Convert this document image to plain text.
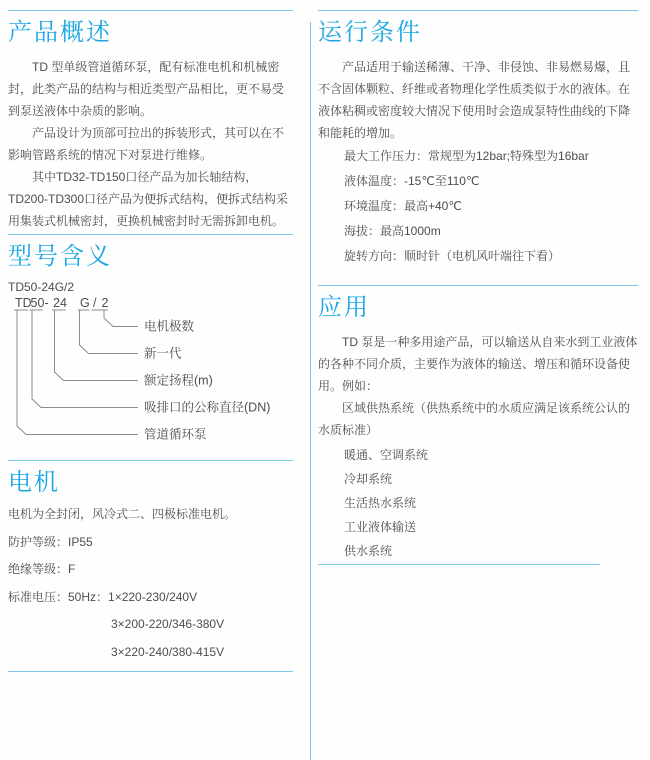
产品概述

TD 型单级管道循环泵，配有标准电机和机械密封，此类产品的结构与相近类型产品相比，更不易受到泵送液体中杂质的影响。

产品设计为顶部可拉出的拆装形式，其可以在不影响管路系统的情况下对泵进行维修。

其中TD32-TD150口径产品为加长轴结构，TD200-TD300口径产品为便拆式结构，便拆式结构采用集装式机械密封，更换机械密封时无需拆卸电机。

型号含义
TD50-24G/2
TD
50 - 24 G / 2
电机极数
新一代
额定扬程(m)
吸排口的公称直径(DN)
管道循环泵
电机

电机为全封闭，风冷式二、四极标准电机。

防护等级：IP55

绝缘等级：F

标准电压：50Hz：1×220-230/240V

3×200-220/346-380V

3×220-240/380-415V

运行条件

产品适用于输送稀薄、干净、非侵蚀、非易燃易爆，且不含固体颗粒、纤维或者物理化学性质类似于水的液体。在液体粘稠或密度较大情况下使用时会造成泵特性曲线的下降和能耗的增加。

最大工作压力：常规型为12bar;特殊型为16bar
液体温度：-15℃至110℃
环境温度：最高+40℃
海拔：最高1000m
旋转方向：顺时针（电机风叶端往下看）
应用

TD 泵是一种多用途产品，可以输送从自来水到工业液体的各种不同介质，主要作为液体的输送、增压和循环设备使用。例如：

区域供热系统（供热系统中的水质应满足该系统公认的水质标准）

暖通、空调系统
冷却系统
生活热水系统
工业液体输送
供水系统
